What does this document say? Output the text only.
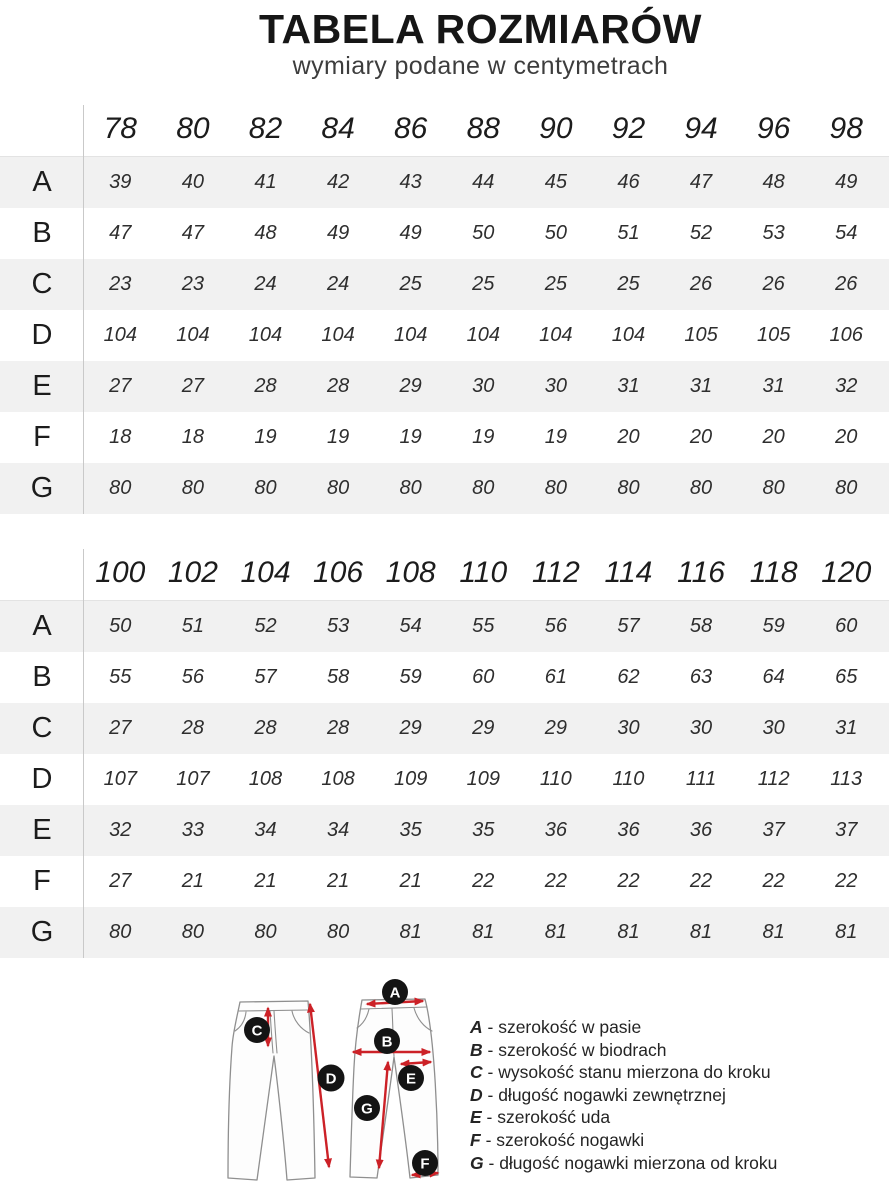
TABELA ROZMIARÓW
wymiary podane w centymetrach
78	80	82	84	86	88	90	92	94	96	98
A	39	40	41	42	43	44	45	46	47	48	49
B	47	47	48	49	49	50	50	51	52	53	54
C	23	23	24	24	25	25	25	25	26	26	26
D	104	104	104	104	104	104	104	104	105	105	106
E	27	27	28	28	29	30	30	31	31	31	32
F	18	18	19	19	19	19	19	20	20	20	20
G	80	80	80	80	80	80	80	80	80	80	80
100 102 104 106 108 110 112 114 116 118 120
A	50	51	52	53	54	55	56	57	58	59	60
B	55	56	57	58	59	60	61	62	63	64	65
C	27	28	28	28	29	29	29	30	30	30	31
D	107	107	108	108	109	109	110	110	111	112	113
E	32	33	34	34	35	35	36	36	36	37	37
F	27	21	21	21	21	22	22	22	22	22	22
G	80	80	80	80	81	81	81	81	81	81	81
A
B
C
D	E
F
G
A - szerokość w pasie
B - szerokość w biodrach
C - wysokość stanu mierzona do kroku
D - długość nogawki zewnętrznej
E - szerokość uda
F - szerokość nogawki
G - długość nogawki mierzona od kroku
